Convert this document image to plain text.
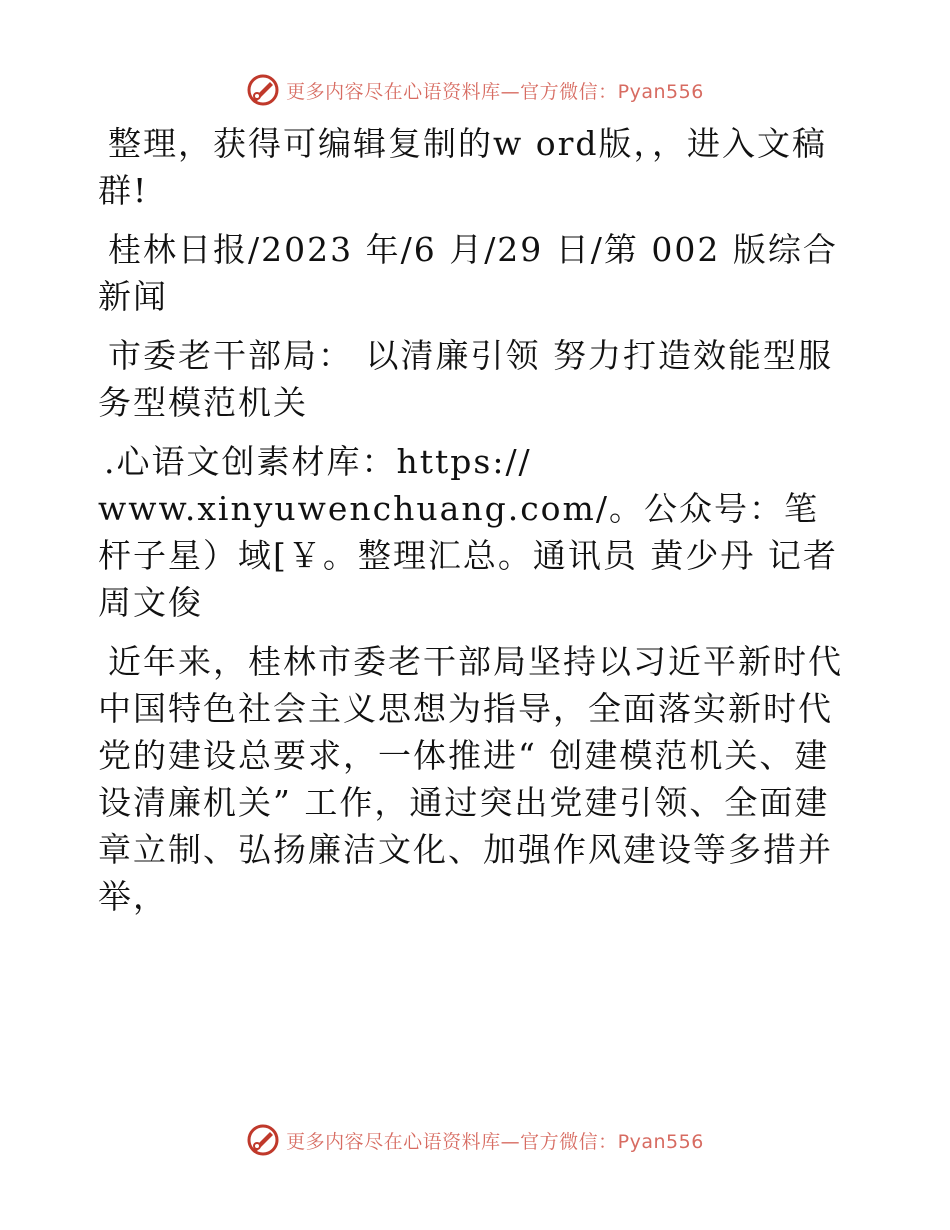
更多内容尽在心语资料库—官方微信：Pyan556

整理，获得可编辑复制的w ord版，，进入文稿群!

桂林日报/2023 年/6 月/29 日/第 002 版综合新闻

市委老干部局： 以清廉引领 努力打造效能型服务型模范机关

.心语文创素材库：https://
www.xinyuwenchuang.com/。公众号：笔杆子星）域[￥。整理汇总。通讯员 黄少丹 记者 周文俊

近年来，桂林市委老干部局坚持以习近平新时代中国特色社会主义思想为指导，全面落实新时代党的建设总要求，一体推进“ 创建模范机关、建设清廉机关” 工作，通过突出党建引领、全面建章立制、弘扬廉洁文化、加强作风建设等多措并举，

更多内容尽在心语资料库—官方微信：Pyan556
